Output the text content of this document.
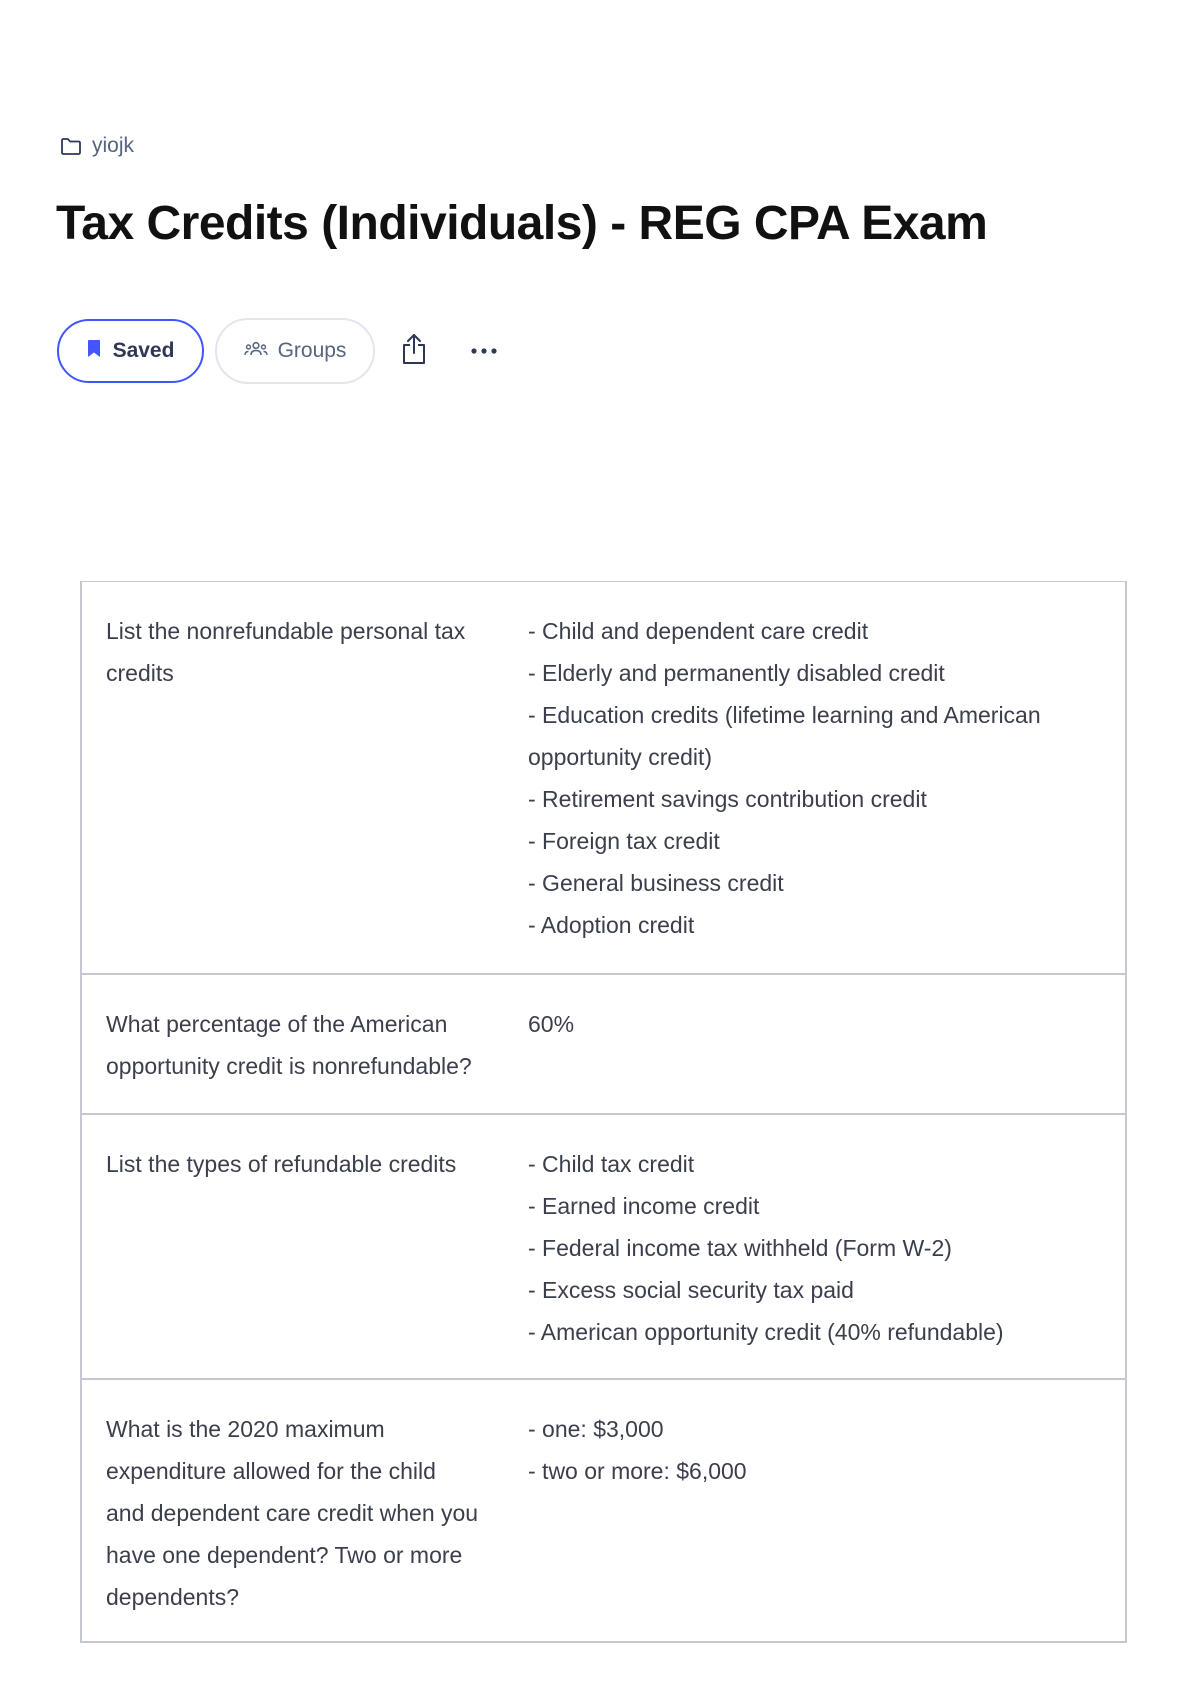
yiojk
Tax Credits (Individuals) - REG CPA Exam
Saved	Groups
List the nonrefundable personal tax
credits
- Child and dependent care credit
- Elderly and permanently disabled credit
- Education credits (lifetime learning and American
opportunity credit)
- Retirement savings contribution credit
- Foreign tax credit
- General business credit
- Adoption credit
What percentage of the American
opportunity credit is nonrefundable?
60%
List the types of refundable credits	- Child tax credit
- Earned income credit
- Federal income tax withheld (Form W-2)
- Excess social security tax paid
- American opportunity credit (40% refundable)
What is the 2020 maximum
expenditure allowed for the child
and dependent care credit when you
have one dependent? Two or more
dependents?
- one: $3,000
- two or more: $6,000
